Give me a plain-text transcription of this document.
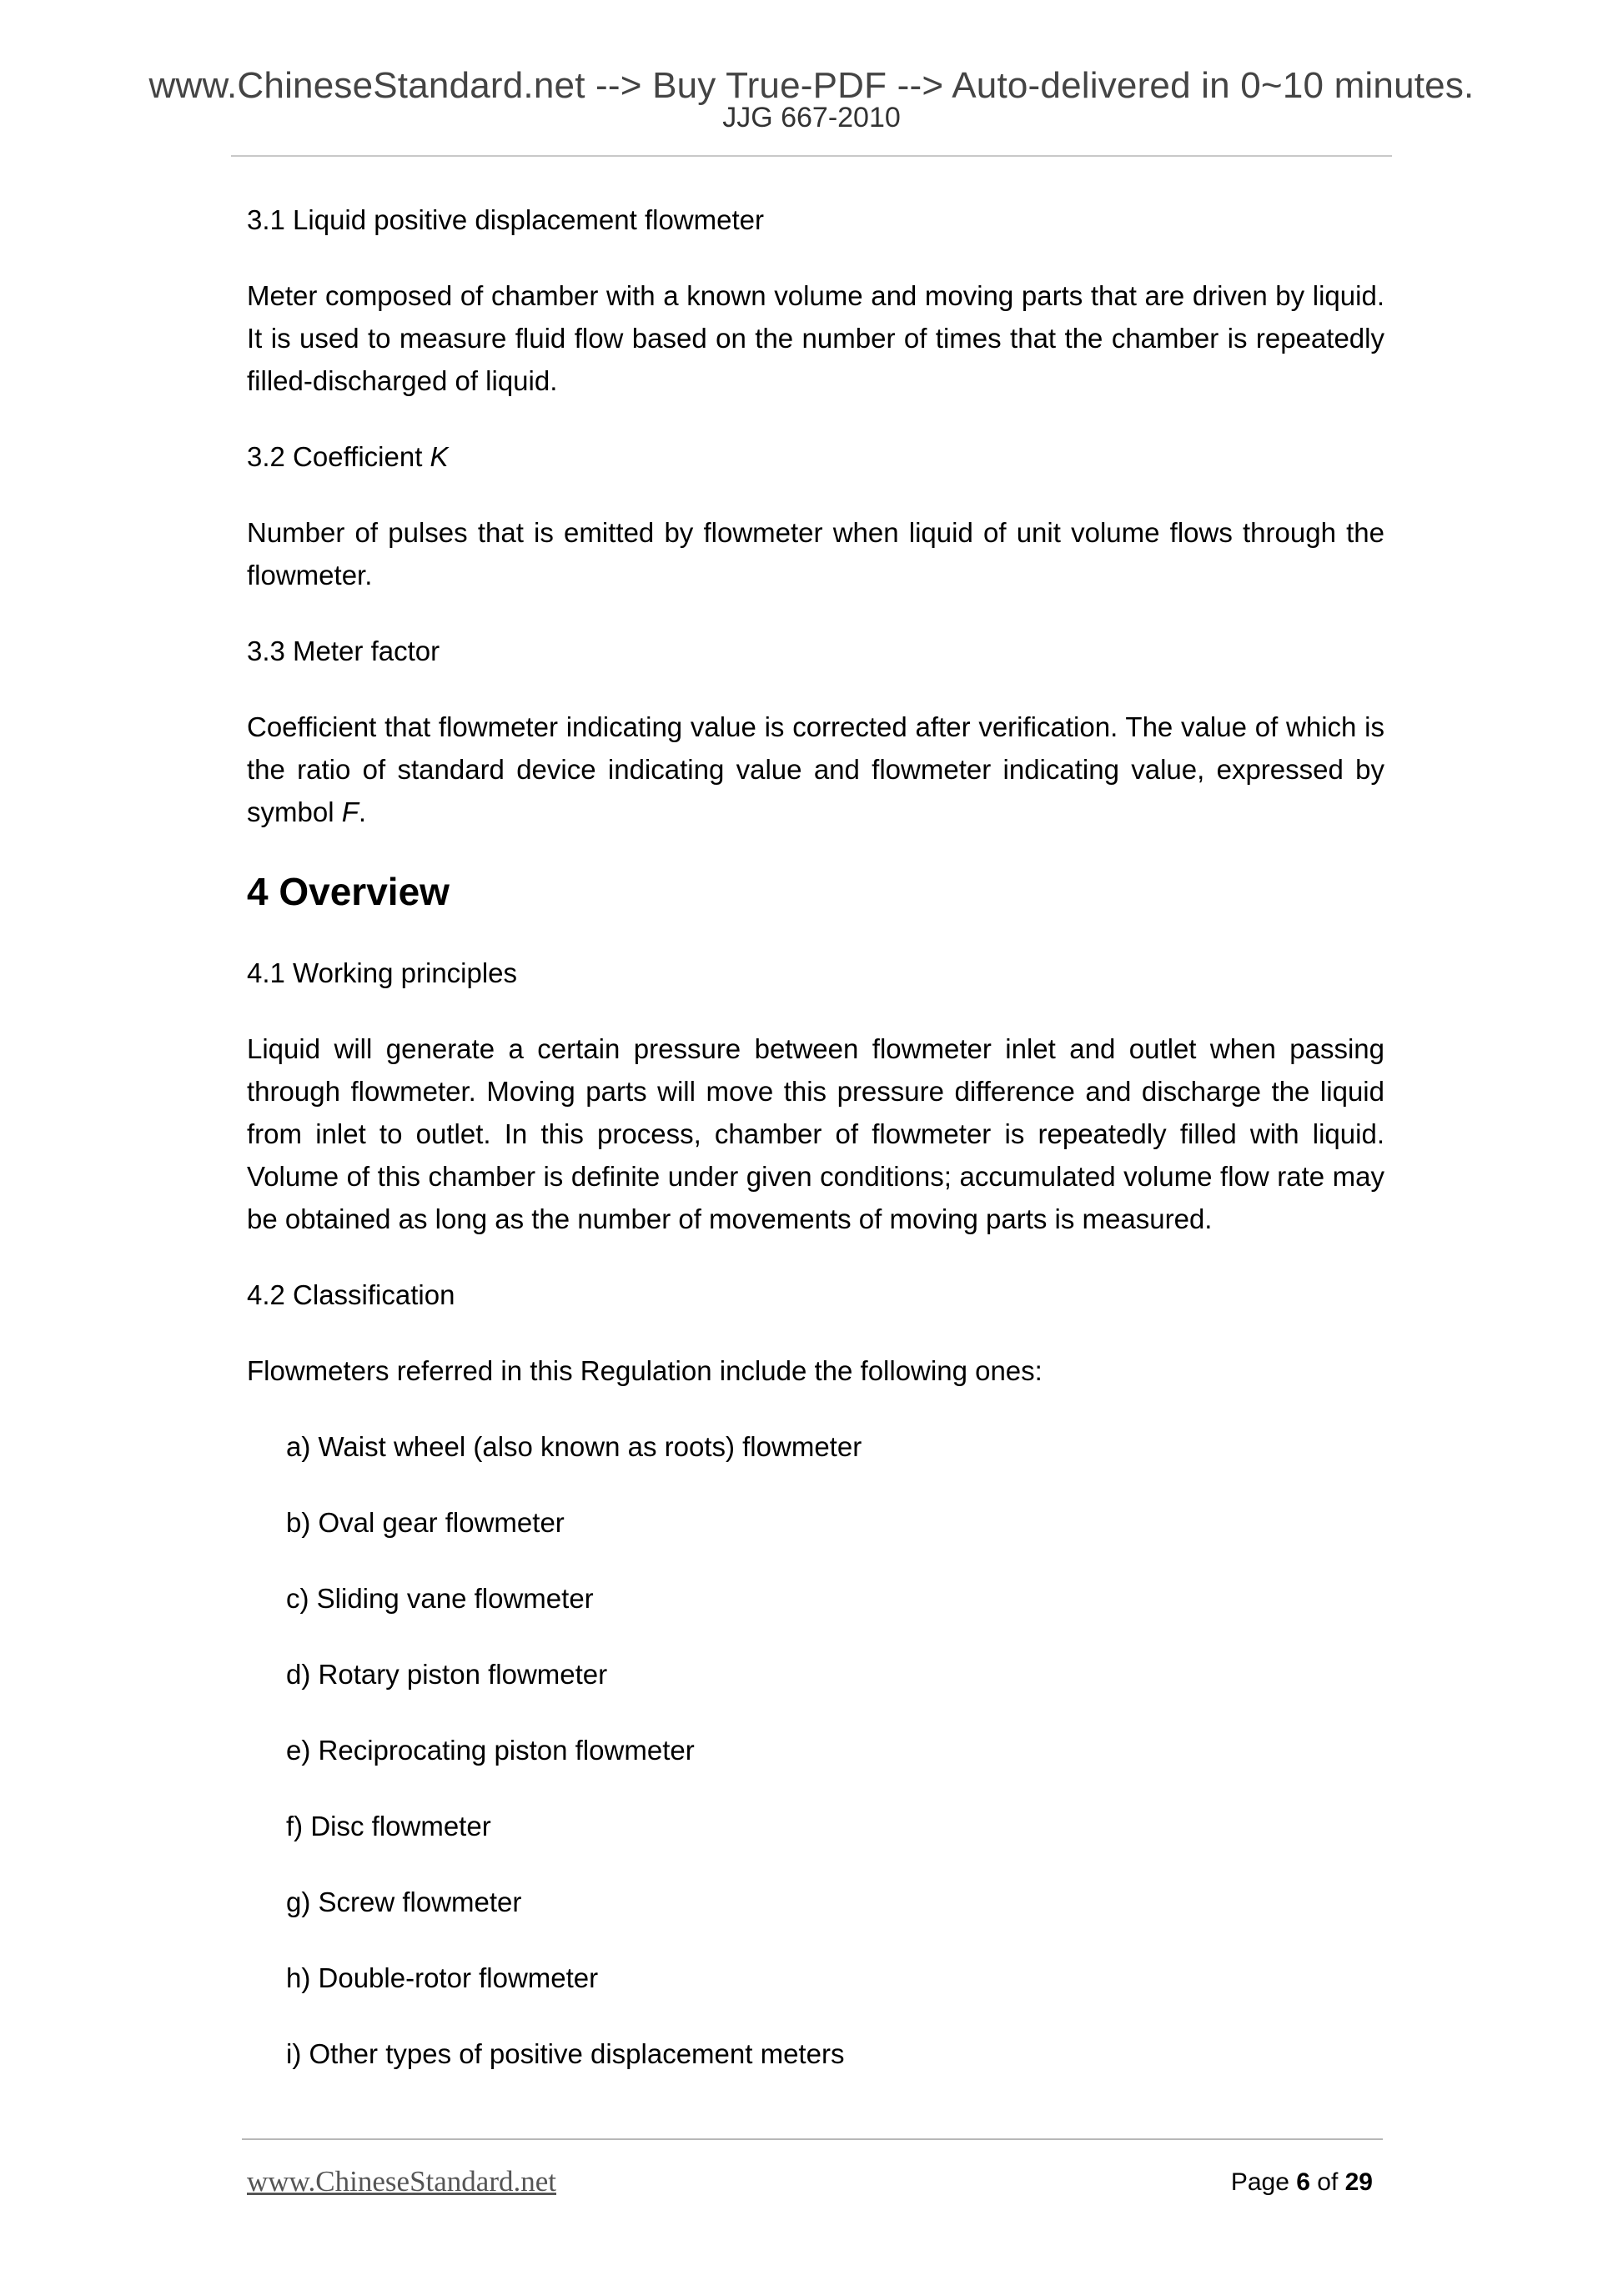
www.ChineseStandard.net --> Buy True-PDF --> Auto-delivered in 0~10 minutes.
JJG 667-2010

3.1 Liquid positive displacement flowmeter

Meter composed of chamber with a known volume and moving parts that are driven by liquid. It is used to measure fluid flow based on the number of times that the chamber is repeatedly filled-discharged of liquid.

3.2 Coefficient K

Number of pulses that is emitted by flowmeter when liquid of unit volume flows through the flowmeter.

3.3 Meter factor

Coefficient that flowmeter indicating value is corrected after verification. The value of which is the ratio of standard device indicating value and flowmeter indicating value, expressed by symbol F.

4 Overview

4.1 Working principles

Liquid will generate a certain pressure between flowmeter inlet and outlet when passing through flowmeter. Moving parts will move this pressure difference and discharge the liquid from inlet to outlet. In this process, chamber of flowmeter is repeatedly filled with liquid. Volume of this chamber is definite under given conditions; accumulated volume flow rate may be obtained as long as the number of movements of moving parts is measured.

4.2 Classification

Flowmeters referred in this Regulation include the following ones:

a) Waist wheel (also known as roots) flowmeter

b) Oval gear flowmeter

c) Sliding vane flowmeter

d) Rotary piston flowmeter

e) Reciprocating piston flowmeter

f) Disc flowmeter

g) Screw flowmeter

h) Double-rotor flowmeter

i) Other types of positive displacement meters

www.ChineseStandard.net	Page 6 of 29
